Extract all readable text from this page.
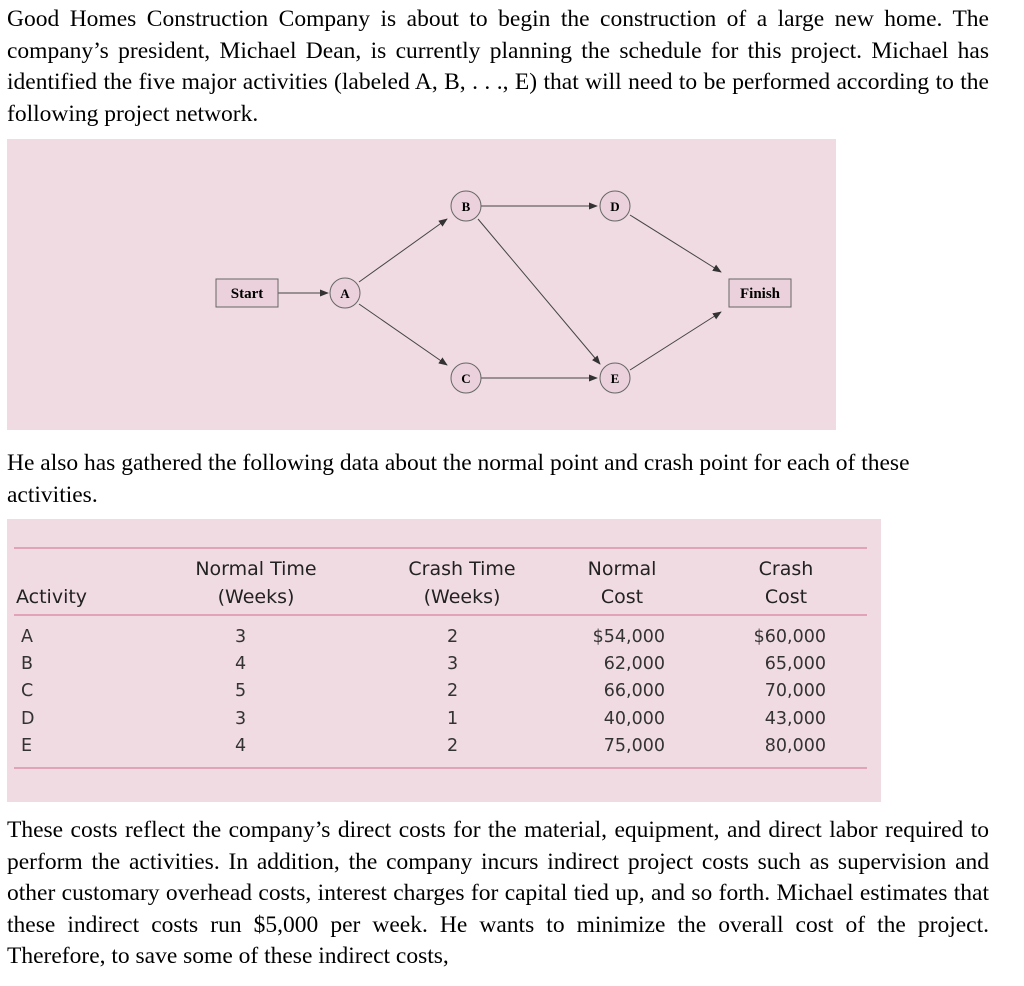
Good Homes Construction Company is about to begin the construction of a large new home. The company’s president, Michael Dean, is currently planning the schedule for this project. Michael has identified the five major activities (labeled A, B, . . ., E) that will need to be performed according to the following project network.

Start	Finish
A
B
C
D
E

He also has gathered the following data about the normal point and crash point for each of these activities.

Activity
Normal Time
(Weeks)
Crash Time
(Weeks)
Normal
Cost
Crash
Cost
A
B
C
D
E
3
4
5
3
4
2
3
2
1
2
$54,000
62,000
66,000
40,000
75,000
$60,000
65,000
70,000
43,000
80,000

These costs reflect the company’s direct costs for the material, equipment, and direct labor required to perform the activities. In addition, the company incurs indirect project costs such as supervision and other customary overhead costs, interest charges for capital tied up, and so forth. Michael estimates that these indirect costs run $5,000 per week. He wants to minimize the overall cost of the project. Therefore, to save some of these indirect costs,
